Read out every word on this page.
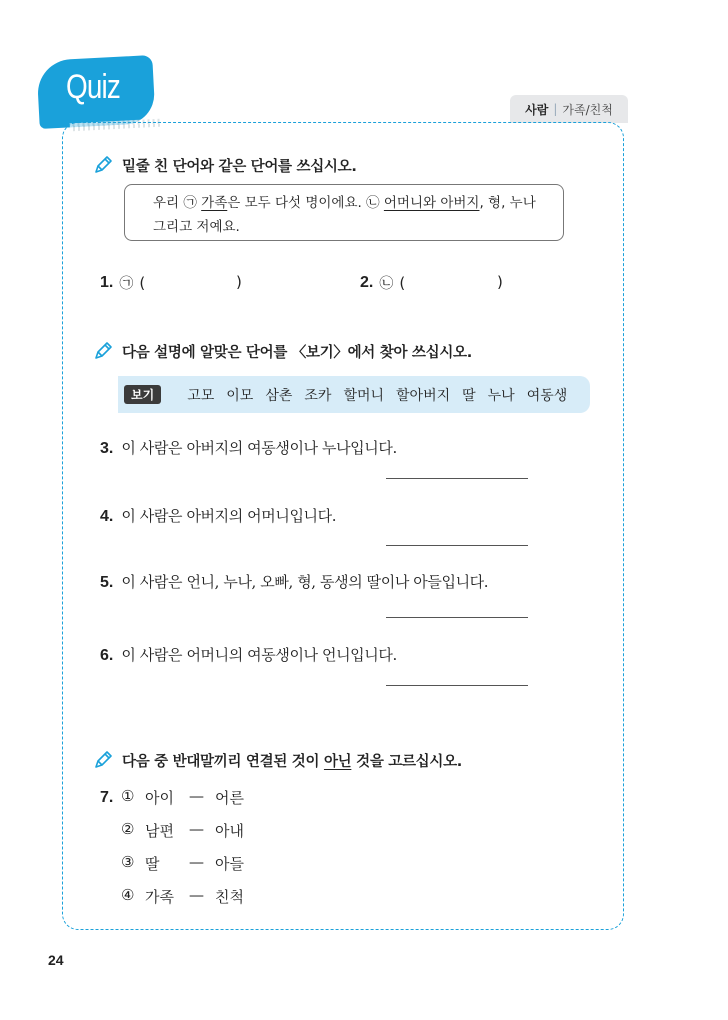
Quiz
사람 | 가족/친척
밑줄 친 단어와 같은 단어를 쓰십시오.
우리 ㉠ 가족은 모두 다섯 명이에요. ㉡ 어머니와 아버지, 형, 누나
그리고 저예요.
1. ㉠ (	)	2. ㉡ (	)
다음 설명에 알맞은 단어를 〈보기〉에서 찾아 쓰십시오.
보기	고모 이모 삼촌 조카 할머니 할아버지 딸 누나 여동생
3. 이 사람은 아버지의 여동생이나 누나입니다.
4. 이 사람은 아버지의 어머니입니다.
5. 이 사람은 언니, 누나, 오빠, 형, 동생의 딸이나 아들입니다.
6. 이 사람은 어머니의 여동생이나 언니입니다.
다음 중 반대말끼리 연결된 것이 아닌 것을 고르십시오.
7. ① 아이	— 어른
② 남편	— 아내
③ 딸	— 아들
④ 가족	— 친척
24
